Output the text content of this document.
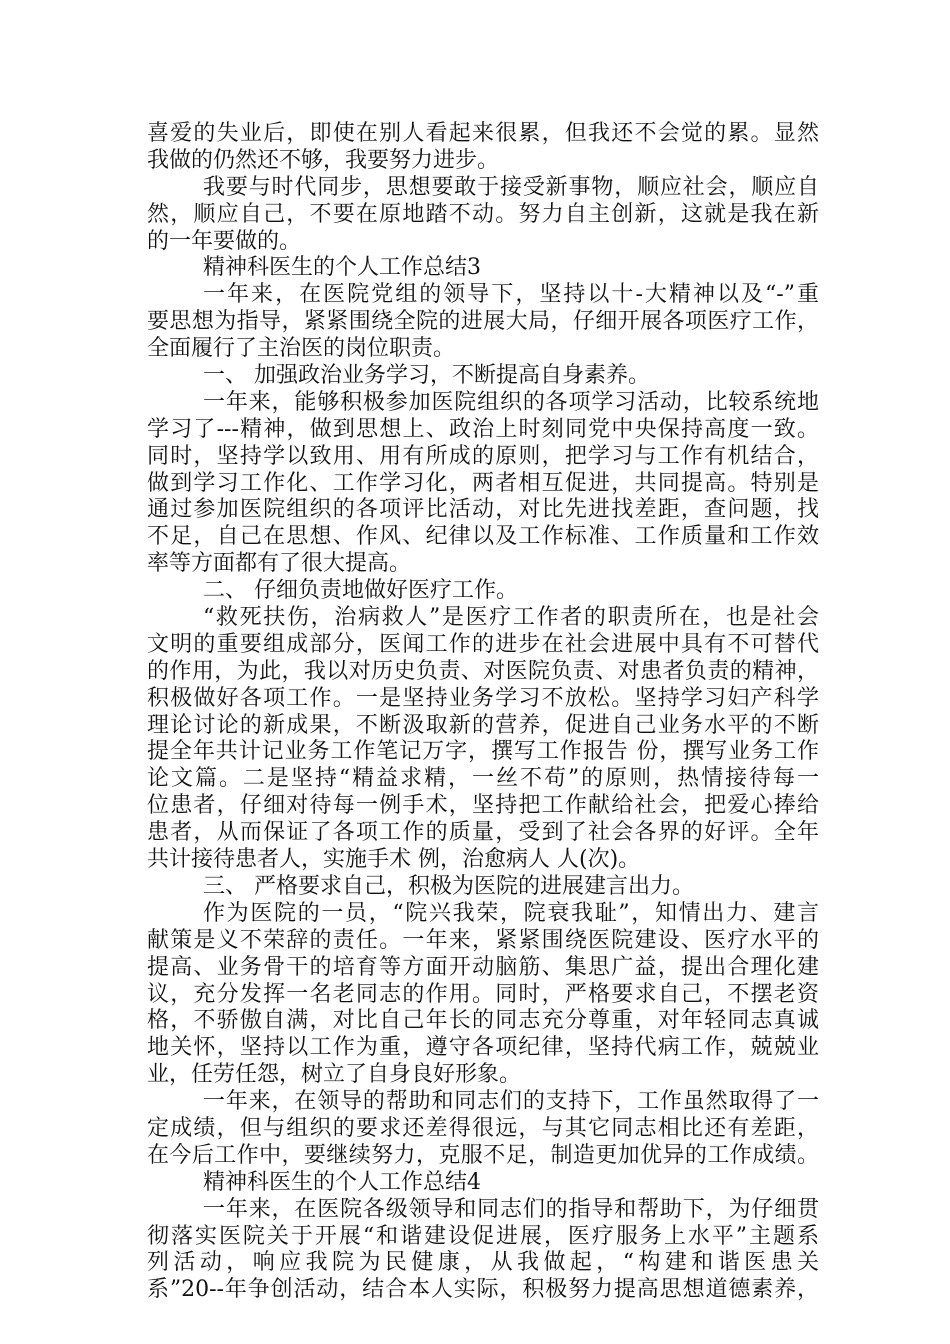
喜爱的失业后，即使在别人看起来很累，但我还不会觉的累。显然
我做的仍然还不够，我要努力进步。
我要与时代同步，思想要敢于接受新事物，顺应社会，顺应自
然，顺应自己，不要在原地踏不动。努力自主创新，这就是我在新
的一年要做的。
精神科医生的个人工作总结3
一年来，在医院党组的领导下，坚持以十-大精神以及“-”重
要思想为指导，紧紧围绕全院的进展大局，仔细开展各项医疗工作，
全面履行了主治医的岗位职责。
一、 加强政治业务学习，不断提高自身素养。
一年来，能够积极参加医院组织的各项学习活动，比较系统地
学习了---精神，做到思想上、政治上时刻同党中央保持高度一致。
同时，坚持学以致用、用有所成的原则，把学习与工作有机结合，
做到学习工作化、工作学习化，两者相互促进，共同提高。特别是
通过参加医院组织的各项评比活动，对比先进找差距，查问题，找
不足，自己在思想、作风、纪律以及工作标准、工作质量和工作效
率等方面都有了很大提高。
二、 仔细负责地做好医疗工作。
“救死扶伤，治病救人”是医疗工作者的职责所在，也是社会
文明的重要组成部分，医闻工作的进步在社会进展中具有不可替代
的作用，为此，我以对历史负责、对医院负责、对患者负责的精神，
积极做好各项工作。一是坚持业务学习不放松。坚持学习妇产科学
理论讨论的新成果，不断汲取新的营养，促进自己业务水平的不断
提全年共计记业务工作笔记万字，撰写工作报告 份，撰写业务工作
论文篇。二是坚持“精益求精，一丝不苟”的原则，热情接待每一
位患者，仔细对待每一例手术，坚持把工作献给社会，把爱心捧给
患者，从而保证了各项工作的质量，受到了社会各界的好评。全年
共计接待患者人，实施手术 例，治愈病人 人(次)。
三、 严格要求自己，积极为医院的进展建言出力。
作为医院的一员，“院兴我荣，院衰我耻”，知情出力、建言
献策是义不荣辞的责任。一年来，紧紧围绕医院建设、医疗水平的
提高、业务骨干的培育等方面开动脑筋、集思广益，提出合理化建
议，充分发挥一名老同志的作用。同时，严格要求自己，不摆老资
格，不骄傲自满，对比自己年长的同志充分尊重，对年轻同志真诚
地关怀，坚持以工作为重，遵守各项纪律，坚持代病工作，兢兢业
业，任劳任怨，树立了自身良好形象。
一年来，在领导的帮助和同志们的支持下，工作虽然取得了一
定成绩，但与组织的要求还差得很远，与其它同志相比还有差距，
在今后工作中，要继续努力，克服不足，制造更加优异的工作成绩。
精神科医生的个人工作总结4
一年来，在医院各级领导和同志们的指导和帮助下，为仔细贯
彻落实医院关于开展“和谐建设促进展，医疗服务上水平”主题系
列活动，响应我院为民健康，从我做起，“构建和谐医患关
系”20--年争创活动，结合本人实际，积极努力提高思想道德素养，
